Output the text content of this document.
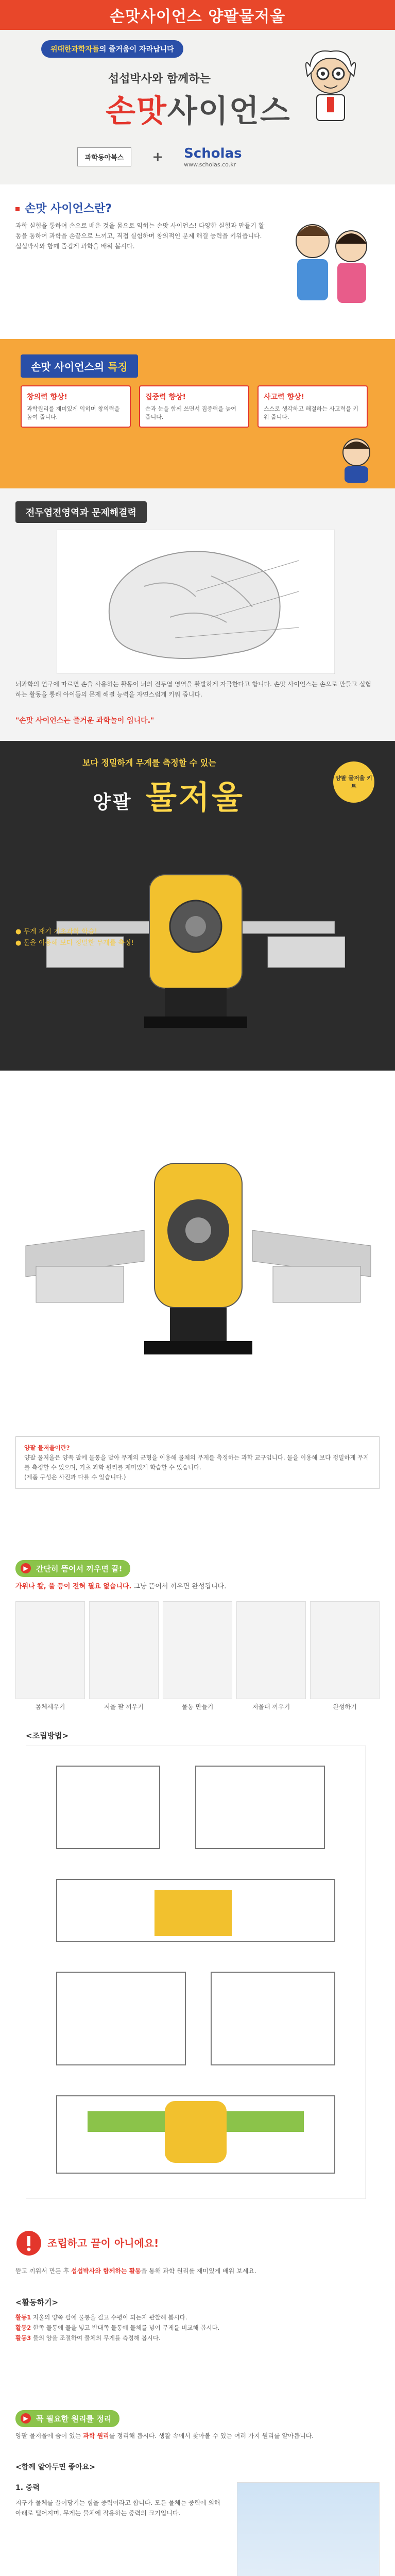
손맛사이언스 양팔물저울
위대한과학자들의 즐거움이 자라납니다
섭섭박사와 함께하는
손맛사이언스
과학동아북스	+ Scholas
www.scholas.co.kr
손맛 사이언스란?

과학 실험을 통하여 손으로 배운 것을 몸으로 익히는 손맛 사이언스! 다양한 실험과 만들기 활동을 통하여 과학을 손끝으로 느끼고, 직접 실험하며 창의적인 문제 해결 능력을 키워줍니다. 섭섭박사와 함께 즐겁게 과학을 배워 봅시다.

손맛 사이언스의 특징
창의력 향상!
과학원리를 재미있게 익히며 창의력을 높여 줍니다.
집중력 향상!
손과 눈을 함께 쓰면서 집중력을 높여 줍니다.
사고력 향상!
스스로 생각하고 해결하는 사고력을 키워 줍니다.
전두엽전영역과 문제해결력

뇌과학의 연구에 따르면 손을 사용하는 활동이 뇌의 전두엽 영역을 활발하게 자극한다고 합니다. 손맛 사이언스는 손으로 만들고 실험하는 활동을 통해 아이들의 문제 해결 능력을 자연스럽게 키워 줍니다.

"손맛 사이언스는 즐거운 과학놀이 입니다."
보다 정밀하게 무게를 측정할 수 있는
양팔 물저울
양팔 물저울 키트
● 무게 재기 기초과학 학습!
● 물을 이용해 보다 정밀한 무게를 측정!
양팔 물저울이란?
양팔 물저울은 양쪽 팔에 물통을 달아 무게의 균형을 이용해 물체의 무게를 측정하는 과학 교구입니다. 물을 이용해 보다 정밀하게 무게를 측정할 수 있으며, 기초 과학 원리를 재미있게 학습할 수 있습니다.
(제품 구성은 사진과 다를 수 있습니다.)
▶	간단히 뜯어서 끼우면 끝!
가위나 칼, 풀 등이 전혀 필요 없습니다. 그냥 뜯어서 끼우면 완성됩니다.
몸체세우기	저울 팔 끼우기	물통 만들기	저울대 끼우기	완성하기
<조립방법>
조립하고 끝이 아니에요!
뜯고 끼워서 만든 후 섭섭박사와 함께하는 활동을 통해 과학 원리를 재미있게 배워 보세요.
<활동하기>
활동1 저울의 양쪽 팔에 물통을 걸고 수평이 되는지 관찰해 봅시다.
활동2 한쪽 물통에 물을 넣고 반대쪽 물통에 물체를 넣어 무게를 비교해 봅시다.
활동3 물의 양을 조절하여 물체의 무게를 측정해 봅시다.
▶	꼭 필요한 원리를 정리
양팔 물저울에 숨어 있는 과학 원리를 정리해 봅시다. 생활 속에서 찾아볼 수 있는 여러 가지 원리를 알아봅니다.
<함께 알아두면 좋아요>
1. 중력
지구가 물체를 끌어당기는 힘을 중력이라고 합니다. 모든 물체는 중력에 의해 아래로 떨어지며, 무게는 물체에 작용하는 중력의 크기입니다.
